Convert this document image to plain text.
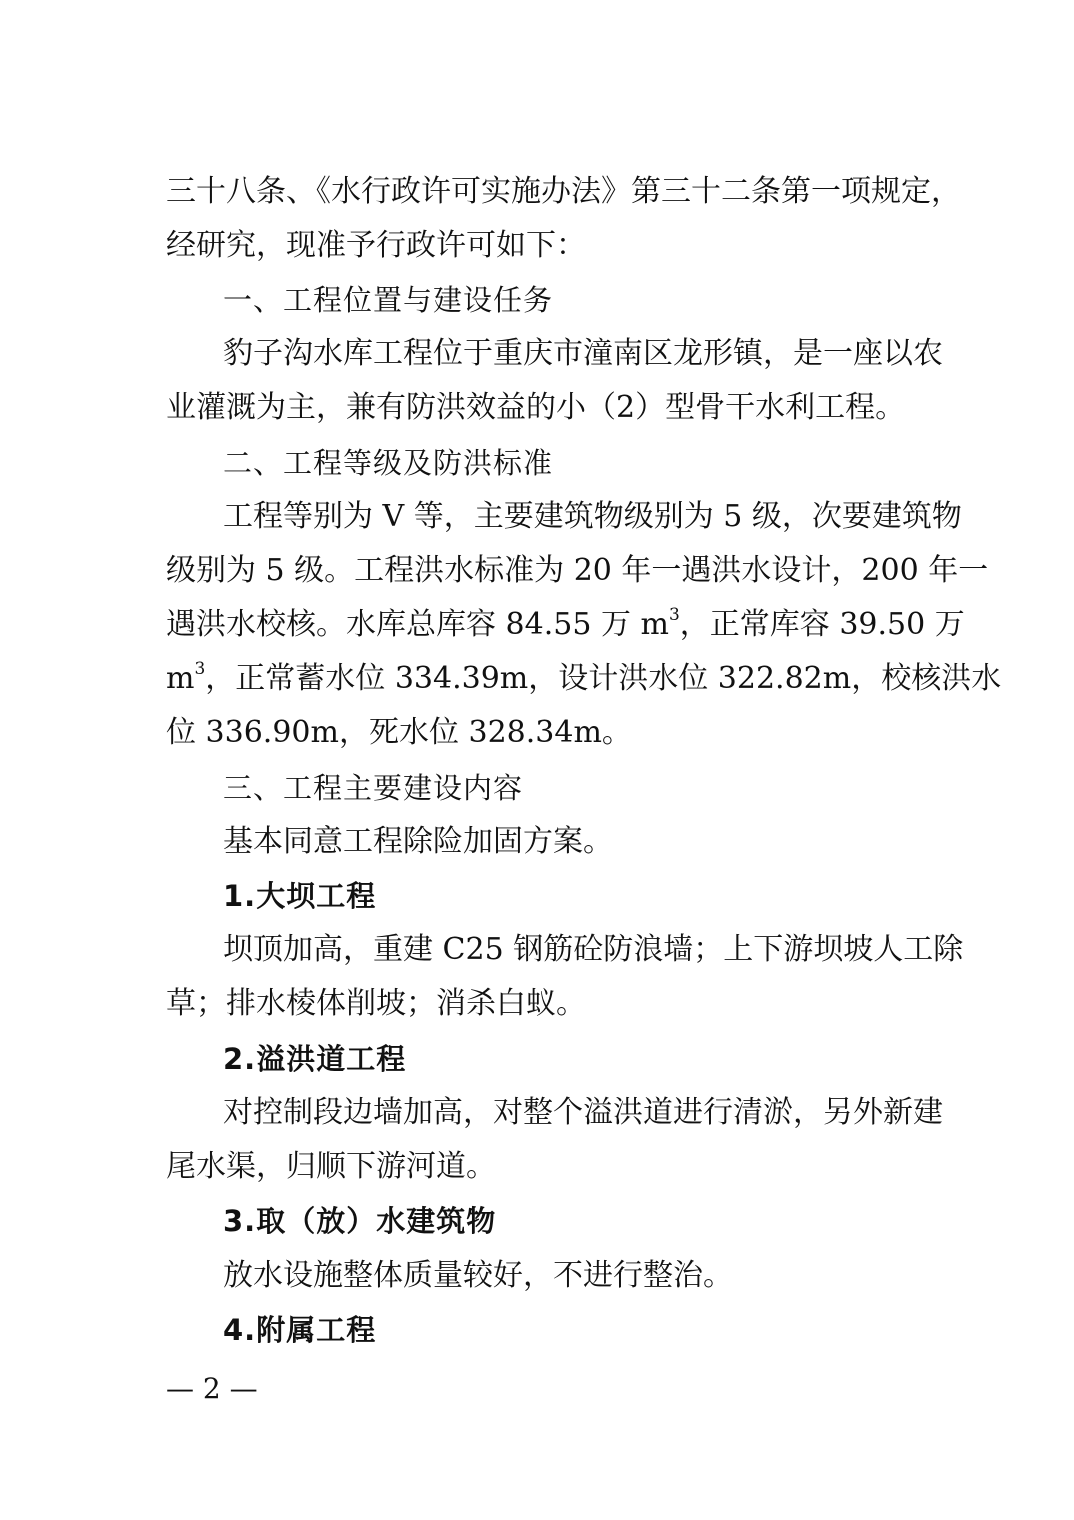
三十八条、《水行政许可实施办法》第三十二条第一项规定，
经研究，现准予行政许可如下：
一、工程位置与建设任务
豹子沟水库工程位于重庆市潼南区龙形镇，是一座以农
业灌溉为主，兼有防洪效益的小（2）型骨干水利工程。
二、工程等级及防洪标准
工程等别为 V 等，主要建筑物级别为 5 级，次要建筑物
级别为 5 级。工程洪水标准为 20 年一遇洪水设计，200 年一
遇洪水校核。水库总库容 84.55 万 $m^3$，正常库容 39.50 万
$m^3$，正常蓄水位 334.39m，设计洪水位 322.82m，校核洪水
位 336.90m，死水位 328.34m。
三、工程主要建设内容
基本同意工程除险加固方案。
1.大坝工程
坝顶加高，重建 C25 钢筋砼防浪墙；上下游坝坡人工除
草；排水棱体削坡；消杀白蚁。
2.溢洪道工程
对控制段边墙加高，对整个溢洪道进行清淤，另外新建
尾水渠，归顺下游河道。
3.取（放）水建筑物
放水设施整体质量较好，不进行整治。
4.附属工程
— 2 —
